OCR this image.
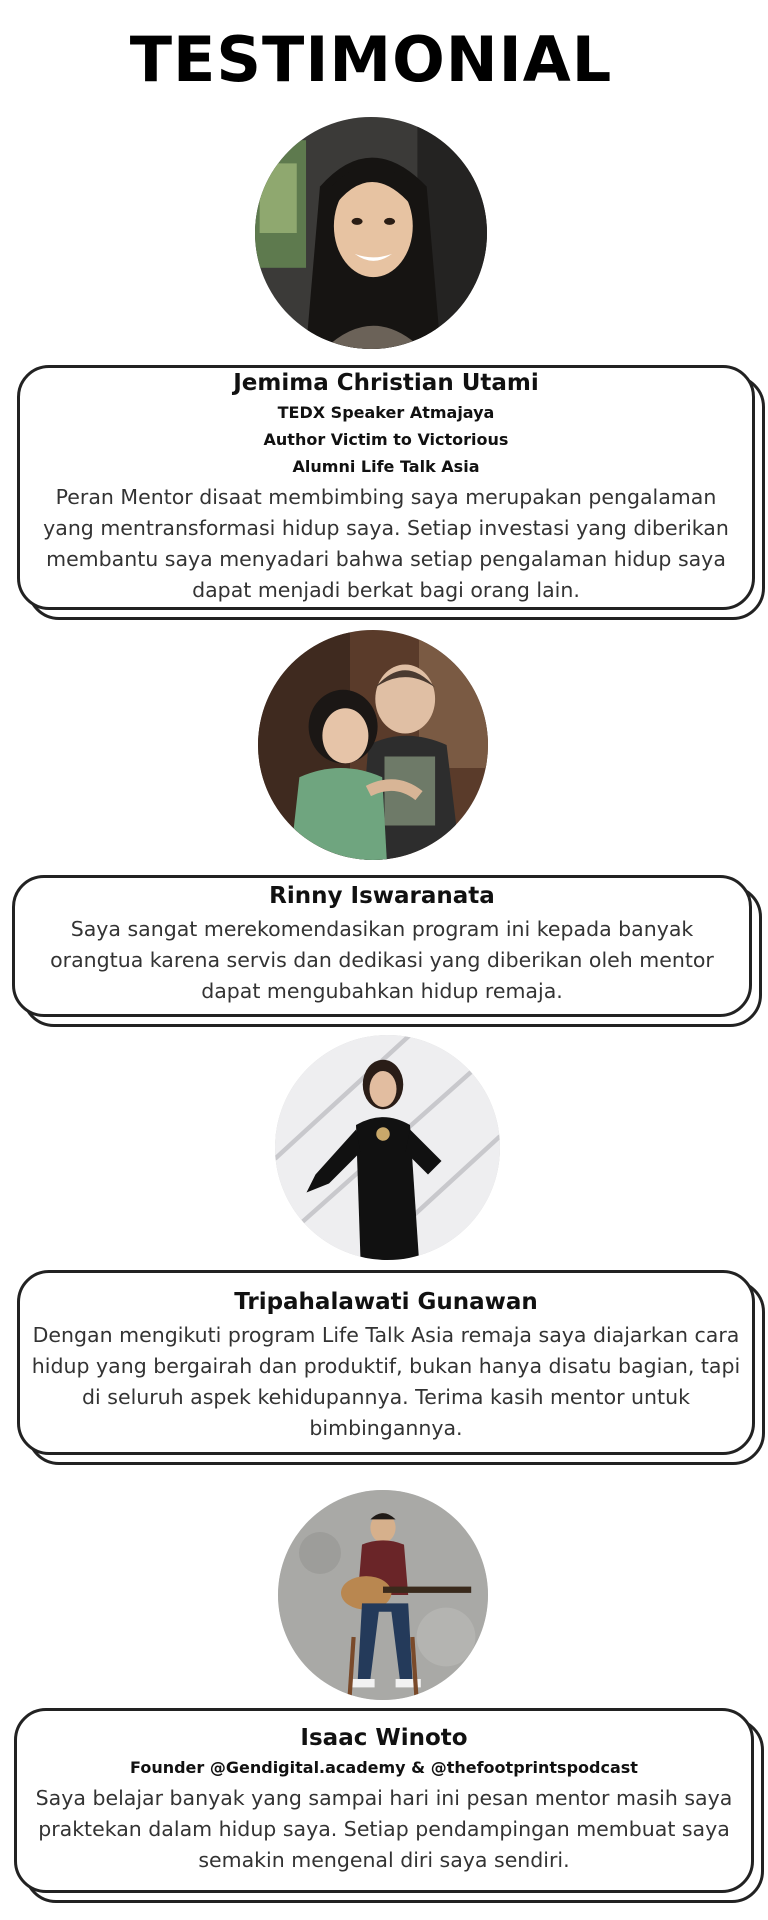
TESTIMONIAL
Jemima Christian Utami
TEDX Speaker Atmajaya
Author Victim to Victorious
Alumni Life Talk Asia
Peran Mentor disaat membimbing saya merupakan pengalaman yang mentransformasi hidup saya. Setiap investasi yang diberikan membantu saya menyadari bahwa setiap pengalaman hidup saya dapat menjadi berkat bagi orang lain.
Rinny Iswaranata
Saya sangat merekomendasikan program ini kepada banyak orangtua karena servis dan dedikasi yang diberikan oleh mentor dapat mengubahkan hidup remaja.
Tripahalawati Gunawan
Dengan mengikuti program Life Talk Asia remaja saya diajarkan cara hidup yang bergairah dan produktif, bukan hanya disatu bagian, tapi di seluruh aspek kehidupannya. Terima kasih mentor untuk bimbingannya.
Isaac Winoto
Founder @Gendigital.academy & @thefootprintspodcast
Saya belajar banyak yang sampai hari ini pesan mentor masih saya praktekan dalam hidup saya. Setiap pendampingan membuat saya semakin mengenal diri saya sendiri.
